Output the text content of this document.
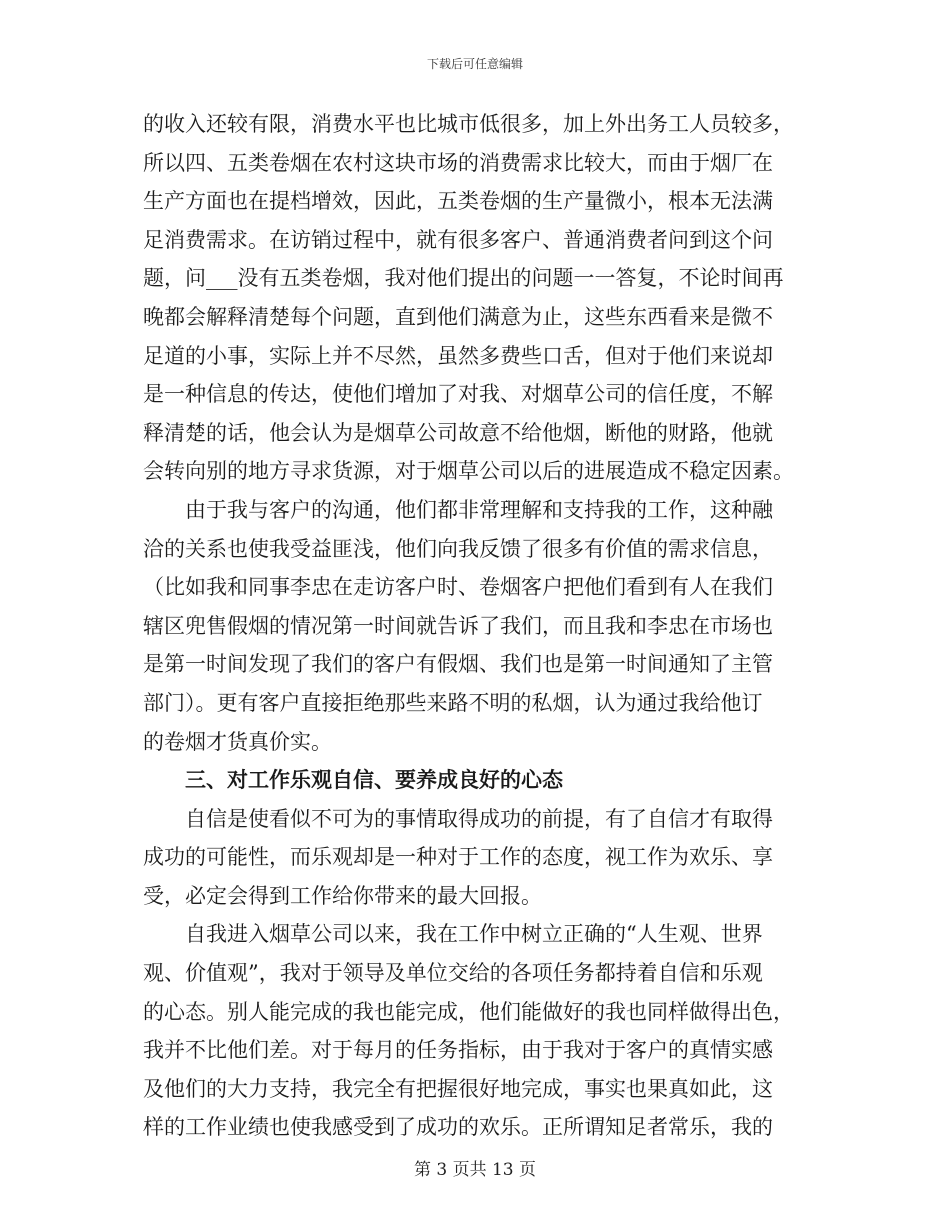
下载后可任意编辑
的收入还较有限，消费水平也比城市低很多，加上外出务工人员较多，
所以四、五类卷烟在农村这块市场的消费需求比较大，而由于烟厂在
生产方面也在提档增效，因此，五类卷烟的生产量微小，根本无法满
足消费需求。在访销过程中，就有很多客户、普通消费者问到这个问
题，问___没有五类卷烟，我对他们提出的问题一一答复，不论时间再
晚都会解释清楚每个问题，直到他们满意为止，这些东西看来是微不
足道的小事，实际上并不尽然，虽然多费些口舌，但对于他们来说却
是一种信息的传达，使他们增加了对我、对烟草公司的信任度，不解
释清楚的话，他会认为是烟草公司故意不给他烟，断他的财路，他就
会转向别的地方寻求货源，对于烟草公司以后的进展造成不稳定因素。
由于我与客户的沟通，他们都非常理解和支持我的工作，这种融
洽的关系也使我受益匪浅，他们向我反馈了很多有价值的需求信息，
（比如我和同事李忠在走访客户时、卷烟客户把他们看到有人在我们
辖区兜售假烟的情况第一时间就告诉了我们，而且我和李忠在市场也
是第一时间发现了我们的客户有假烟、我们也是第一时间通知了主管
部门）。更有客户直接拒绝那些来路不明的私烟，认为通过我给他订
的卷烟才货真价实。
三、对工作乐观自信、要养成良好的心态
自信是使看似不可为的事情取得成功的前提，有了自信才有取得
成功的可能性，而乐观却是一种对于工作的态度，视工作为欢乐、享
受，必定会得到工作给你带来的最大回报。
自我进入烟草公司以来，我在工作中树立正确的“人生观、世界
观、价值观”，我对于领导及单位交给的各项任务都持着自信和乐观
的心态。别人能完成的我也能完成，他们能做好的我也同样做得出色，
我并不比他们差。对于每月的任务指标，由于我对于客户的真情实感
及他们的大力支持，我完全有把握很好地完成，事实也果真如此，这
样的工作业绩也使我感受到了成功的欢乐。正所谓知足者常乐，我的
第 3 页共 13 页
